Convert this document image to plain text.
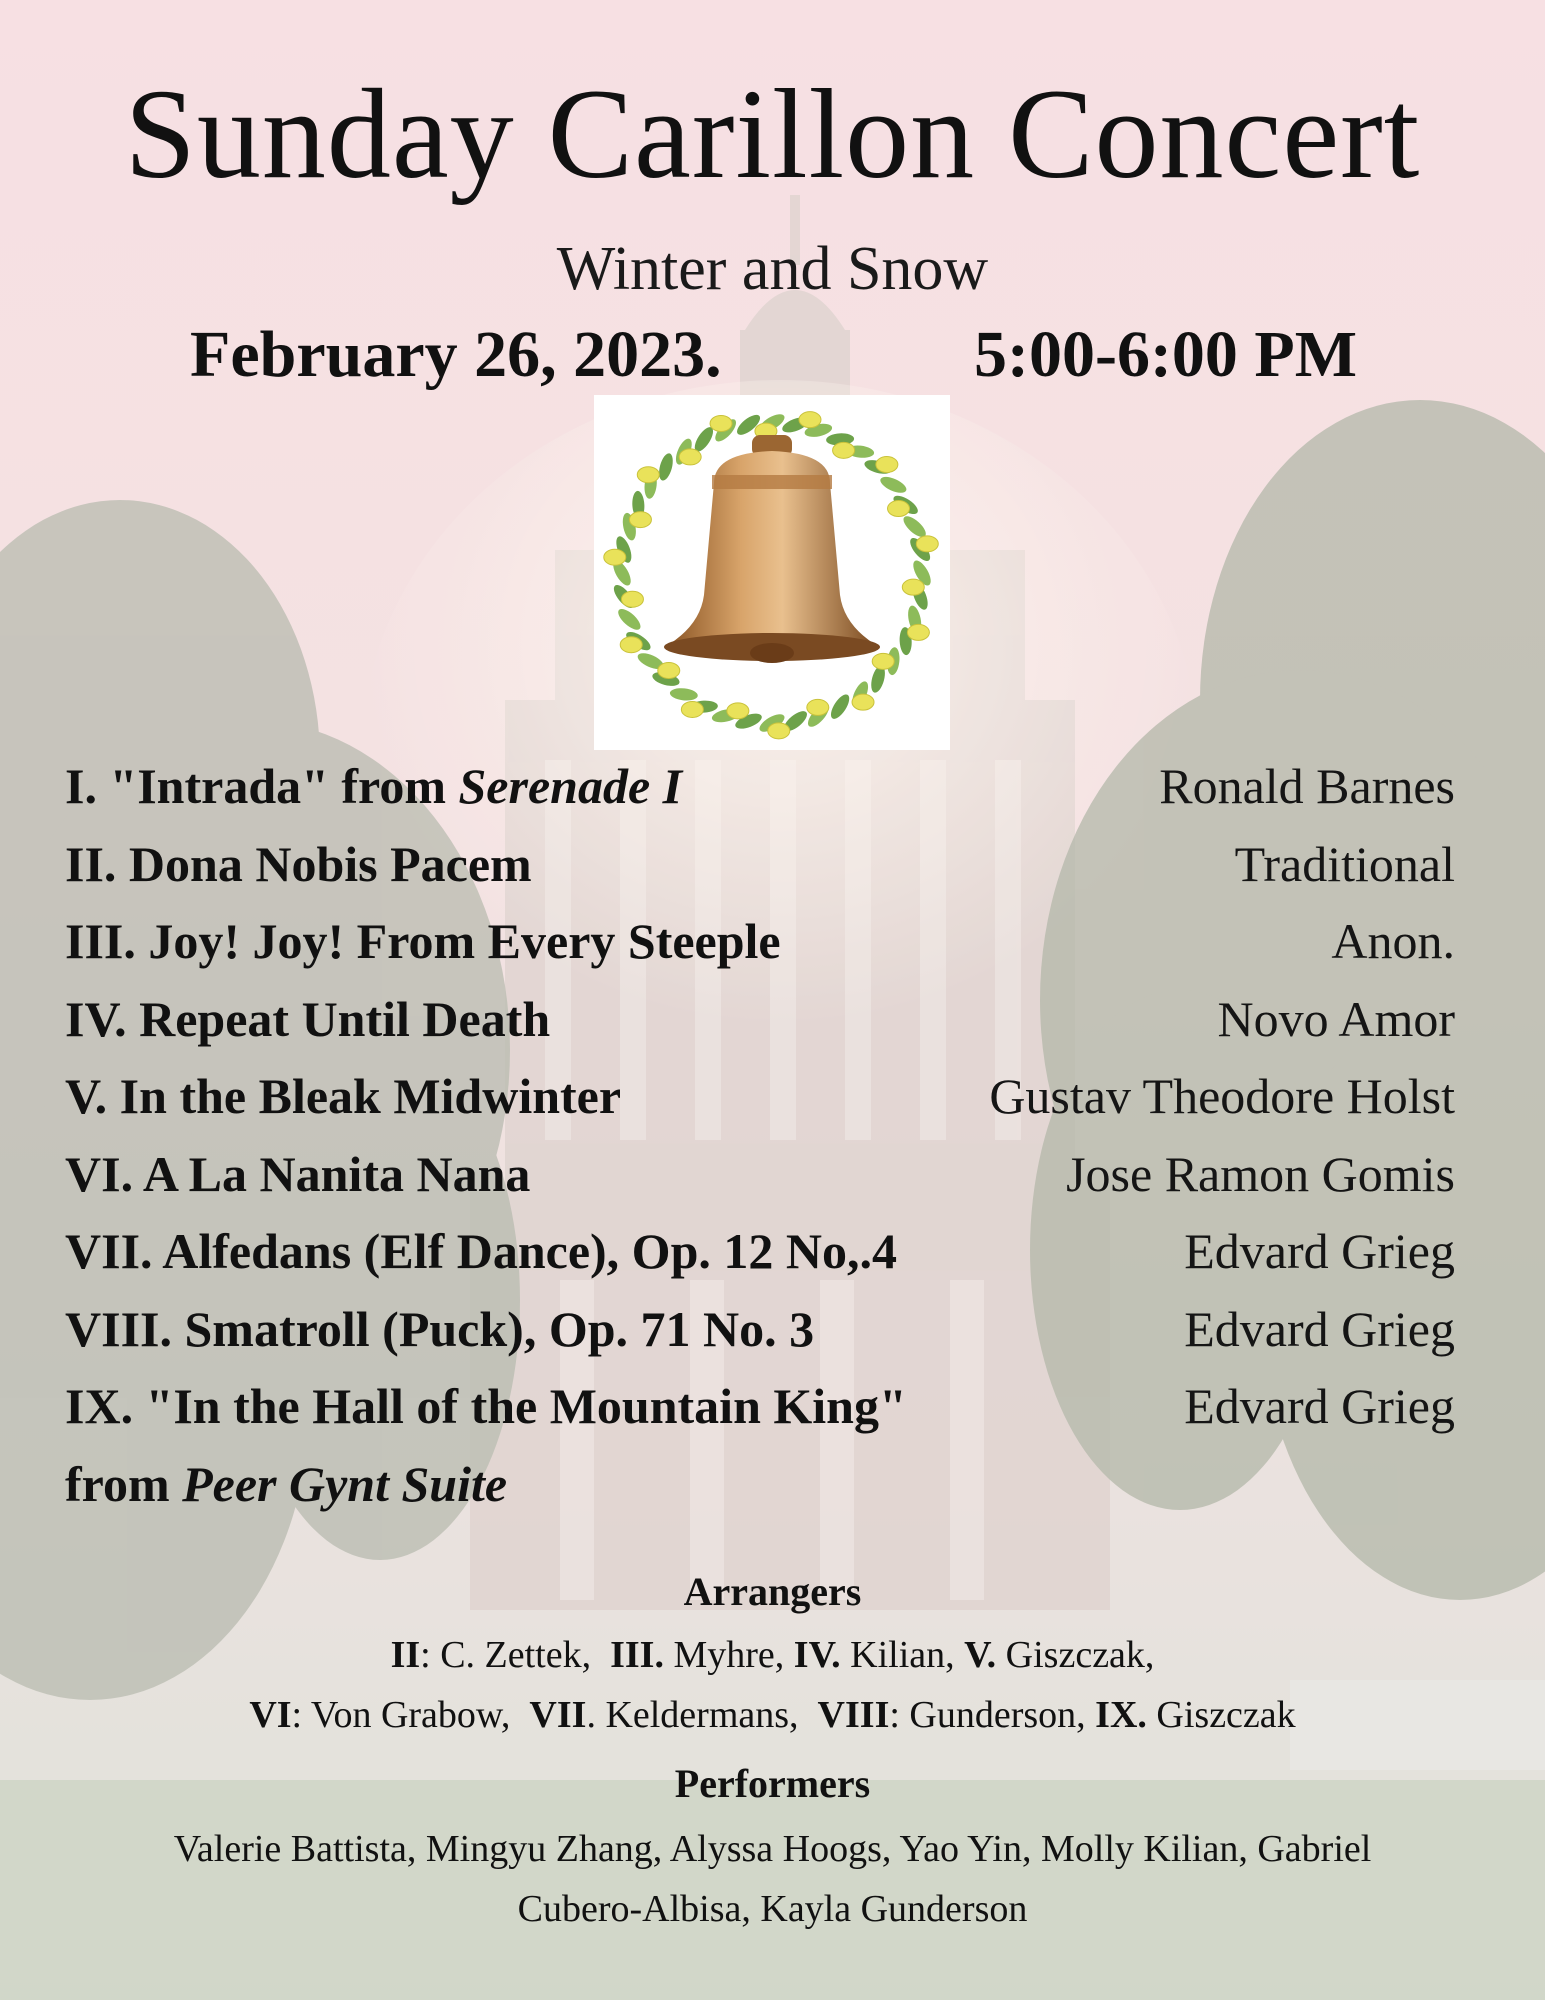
Sunday Carillon Concert
Winter and Snow
February 26, 2023.	5:00-6:00 PM
I. "Intrada" from Serenade I	Ronald Barnes
II. Dona Nobis Pacem	Traditional
III. Joy! Joy! From Every Steeple	Anon.
IV. Repeat Until Death	Novo Amor
V. In the Bleak Midwinter	Gustav Theodore Holst
VI. A La Nanita Nana	Jose Ramon Gomis
VII. Alfedans (Elf Dance), Op. 12 No,.4	Edvard Grieg
VIII. Smatroll (Puck), Op. 71 No. 3	Edvard Grieg
IX. "In the Hall of the Mountain King"	Edvard Grieg
from Peer Gynt Suite
Arrangers
II: C. Zettek,  III. Myhre, IV. Kilian, V. Giszczak,
VI: Von Grabow,  VII. Keldermans,  VIII: Gunderson, IX. Giszczak
Performers
Valerie Battista, Mingyu Zhang, Alyssa Hoogs, Yao Yin, Molly Kilian, Gabriel
Cubero-Albisa, Kayla Gunderson
